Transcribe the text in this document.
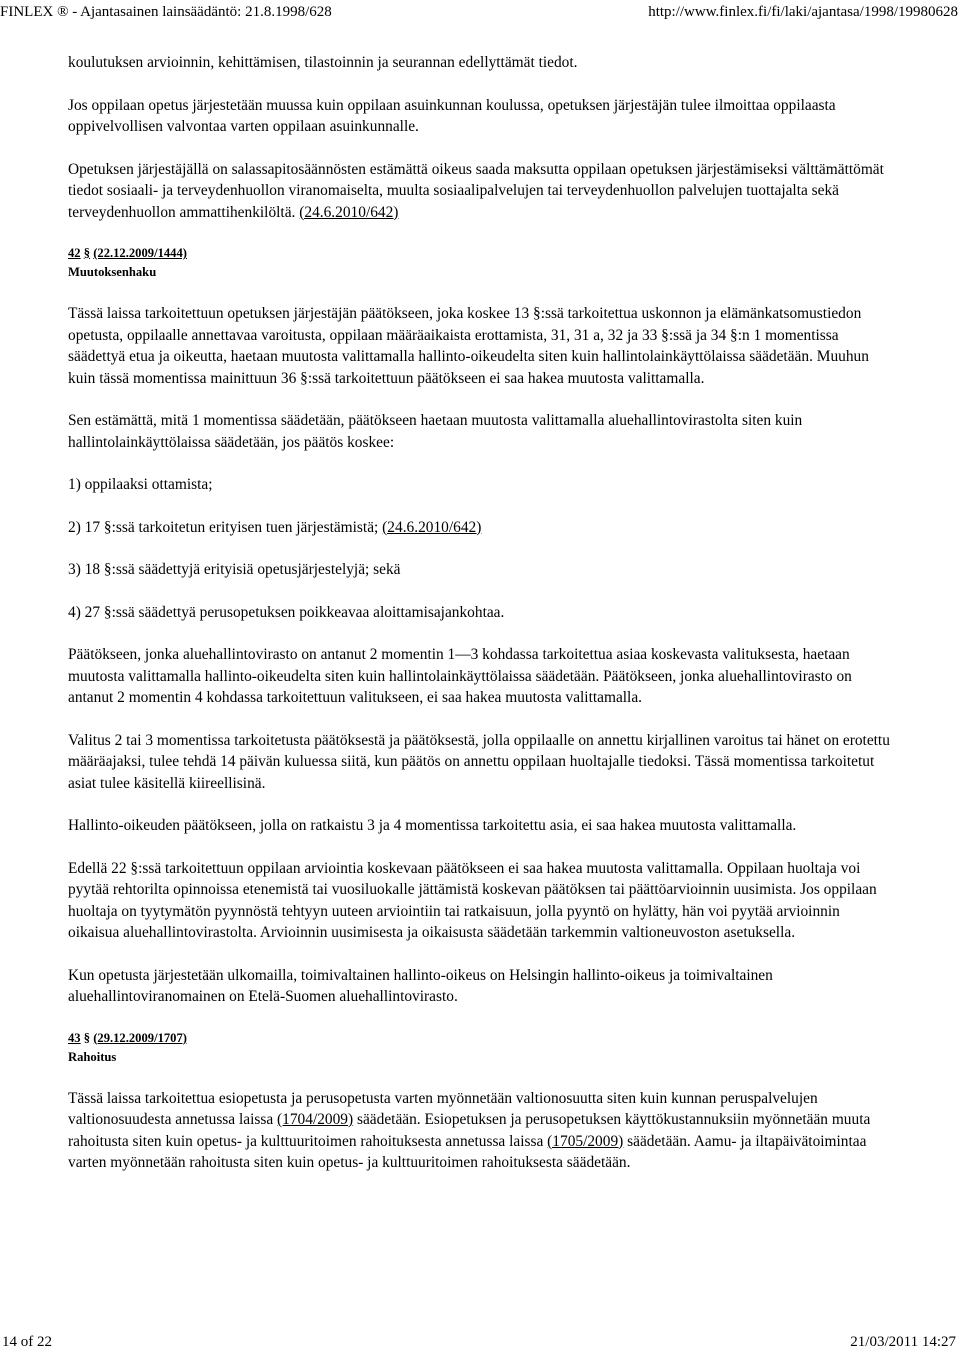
FINLEX ® - Ajantasainen lainsäädäntö: 21.8.1998/628	http://www.finlex.fi/fi/laki/ajantasa/1998/19980628

koulutuksen arvioinnin, kehittämisen, tilastoinnin ja seurannan edellyttämät tiedot.

Jos oppilaan opetus järjestetään muussa kuin oppilaan asuinkunnan koulussa, opetuksen järjestäjän tulee ilmoittaa oppilaasta oppivelvollisen valvontaa varten oppilaan asuinkunnalle.

Opetuksen järjestäjällä on salassapitosäännösten estämättä oikeus saada maksutta oppilaan opetuksen järjestämiseksi välttämättömät tiedot sosiaali- ja terveydenhuollon viranomaiselta, muulta sosiaalipalvelujen tai terveydenhuollon palvelujen tuottajalta sekä terveydenhuollon ammattihenkilöltä. (24.6.2010/642)

42 § (22.12.2009/1444)
Muutoksenhaku

Tässä laissa tarkoitettuun opetuksen järjestäjän päätökseen, joka koskee 13 §:ssä tarkoitettua uskonnon ja elämänkatsomustiedon opetusta, oppilaalle annettavaa varoitusta, oppilaan määräaikaista erottamista, 31, 31 a, 32 ja 33 §:ssä ja 34 §:n 1 momentissa säädettyä etua ja oikeutta, haetaan muutosta valittamalla hallinto-oikeudelta siten kuin hallintolainkäyttölaissa säädetään. Muuhun kuin tässä momentissa mainittuun 36 §:ssä tarkoitettuun päätökseen ei saa hakea muutosta valittamalla.

Sen estämättä, mitä 1 momentissa säädetään, päätökseen haetaan muutosta valittamalla aluehallintovirastolta siten kuin hallintolainkäyttölaissa säädetään, jos päätös koskee:

1) oppilaaksi ottamista;

2) 17 §:ssä tarkoitetun erityisen tuen järjestämistä; (24.6.2010/642)

3) 18 §:ssä säädettyjä erityisiä opetusjärjestelyjä; sekä

4) 27 §:ssä säädettyä perusopetuksen poikkeavaa aloittamisajankohtaa.

Päätökseen, jonka aluehallintovirasto on antanut 2 momentin 1—3 kohdassa tarkoitettua asiaa koskevasta valituksesta, haetaan muutosta valittamalla hallinto-oikeudelta siten kuin hallintolainkäyttölaissa säädetään. Päätökseen, jonka aluehallintovirasto on antanut 2 momentin 4 kohdassa tarkoitettuun valitukseen, ei saa hakea muutosta valittamalla.

Valitus 2 tai 3 momentissa tarkoitetusta päätöksestä ja päätöksestä, jolla oppilaalle on annettu kirjallinen varoitus tai hänet on erotettu määräajaksi, tulee tehdä 14 päivän kuluessa siitä, kun päätös on annettu oppilaan huoltajalle tiedoksi. Tässä momentissa tarkoitetut asiat tulee käsitellä kiireellisinä.

Hallinto-oikeuden päätökseen, jolla on ratkaistu 3 ja 4 momentissa tarkoitettu asia, ei saa hakea muutosta valittamalla.

Edellä 22 §:ssä tarkoitettuun oppilaan arviointia koskevaan päätökseen ei saa hakea muutosta valittamalla. Oppilaan huoltaja voi pyytää rehtorilta opinnoissa etenemistä tai vuosiluokalle jättämistä koskevan päätöksen tai päättöarvioinnin uusimista. Jos oppilaan huoltaja on tyytymätön pyynnöstä tehtyyn uuteen arviointiin tai ratkaisuun, jolla pyyntö on hylätty, hän voi pyytää arvioinnin oikaisua aluehallintovirastolta. Arvioinnin uusimisesta ja oikaisusta säädetään tarkemmin valtioneuvoston asetuksella.

Kun opetusta järjestetään ulkomailla, toimivaltainen hallinto-oikeus on Helsingin hallinto-oikeus ja toimivaltainen aluehallintoviranomainen on Etelä-Suomen aluehallintovirasto.

43 § (29.12.2009/1707)
Rahoitus

Tässä laissa tarkoitettua esiopetusta ja perusopetusta varten myönnetään valtionosuutta siten kuin kunnan peruspalvelujen valtionosuudesta annetussa laissa (1704/2009) säädetään. Esiopetuksen ja perusopetuksen käyttökustannuksiin myönnetään muuta rahoitusta siten kuin opetus- ja kulttuuritoimen rahoituksesta annetussa laissa (1705/2009) säädetään. Aamu- ja iltapäivätoimintaa varten myönnetään rahoitusta siten kuin opetus- ja kulttuuritoimen rahoituksesta säädetään.

14 of 22	21/03/2011 14:27
